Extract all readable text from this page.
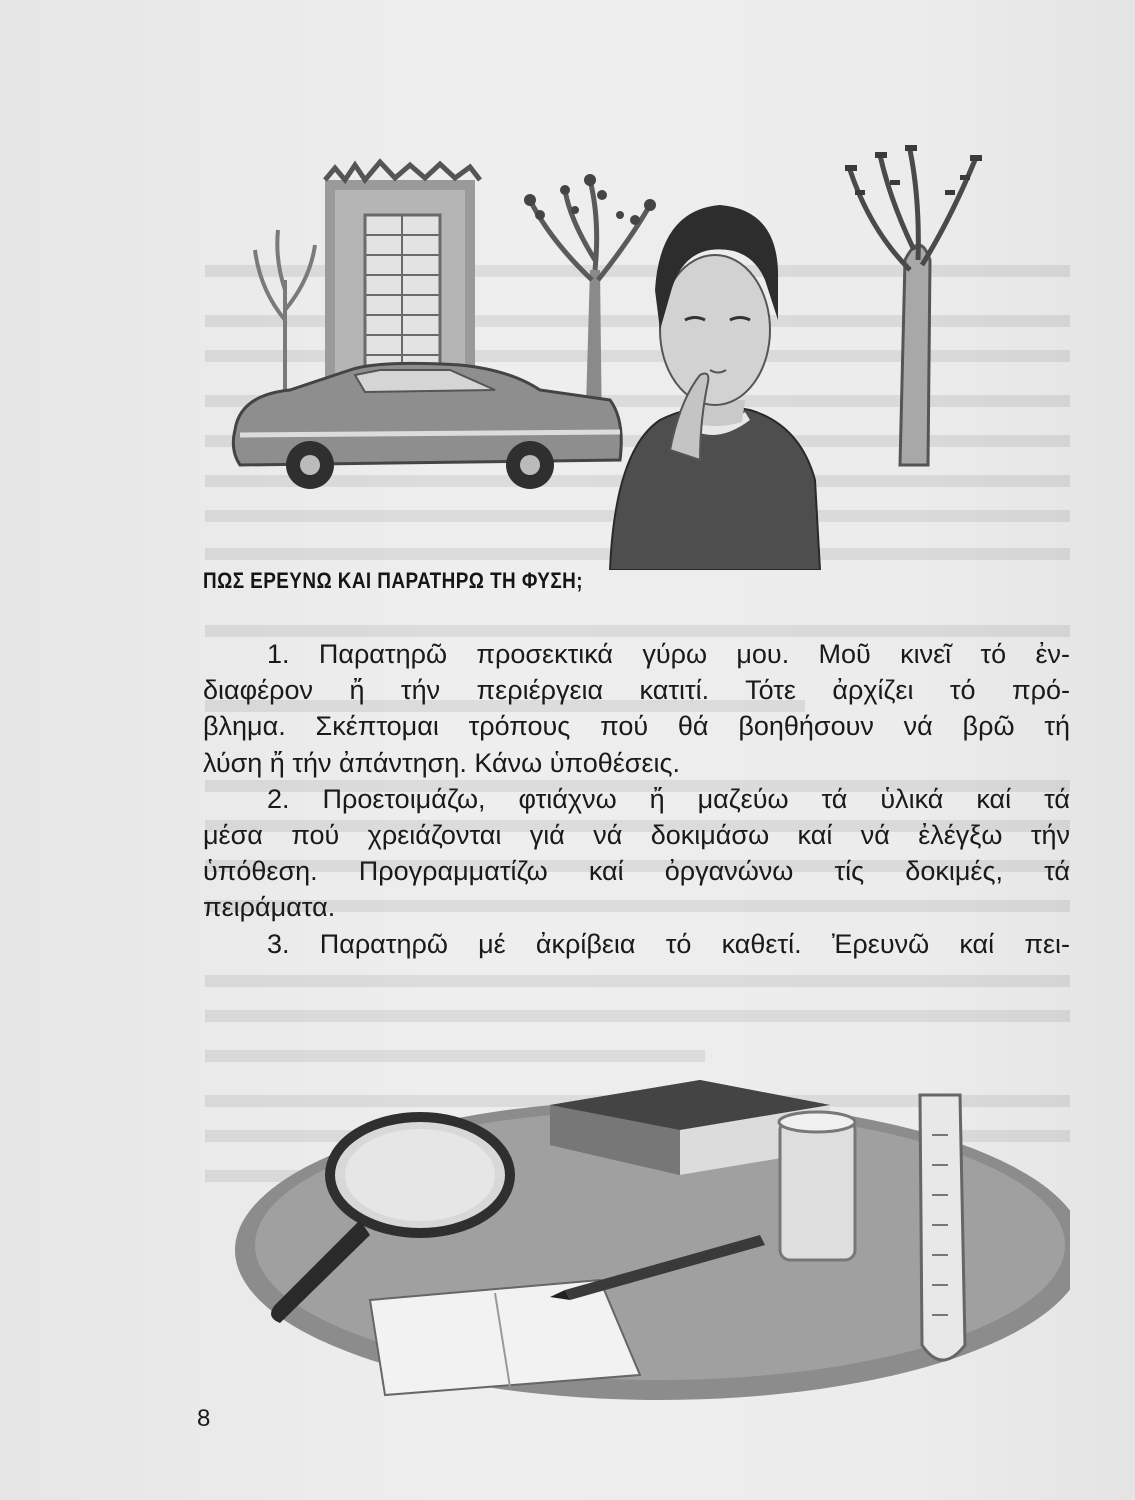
ΠΩΣ ΕΡΕΥΝΩ ΚΑΙ ΠΑΡΑΤΗΡΩ ΤΗ ΦΥΣΗ;
1. Παρατηρῶ προσεκτικά γύρω μου. Μοῦ κινεῖ τό ἐν-
διαφέρον ἤ τήν περιέργεια κατιτί. Τότε ἀρχίζει τό πρό-
βλημα. Σκέπτομαι τρόπους πού θά βοηθήσουν νά βρῶ τή
λύση ἤ τήν ἀπάντηση. Κάνω ὑποθέσεις.
2. Προετοιμάζω, φτιάχνω ἤ μαζεύω τά ὑλικά καί τά
μέσα πού χρειάζονται γιά νά δοκιμάσω καί νά ἐλέγξω τήν
ὑπόθεση. Προγραμματίζω καί ὀργανώνω τίς δοκιμές, τά
πειράματα.
3. Παρατηρῶ μέ ἀκρίβεια τό καθετί. Ἐρευνῶ καί πει-
8
